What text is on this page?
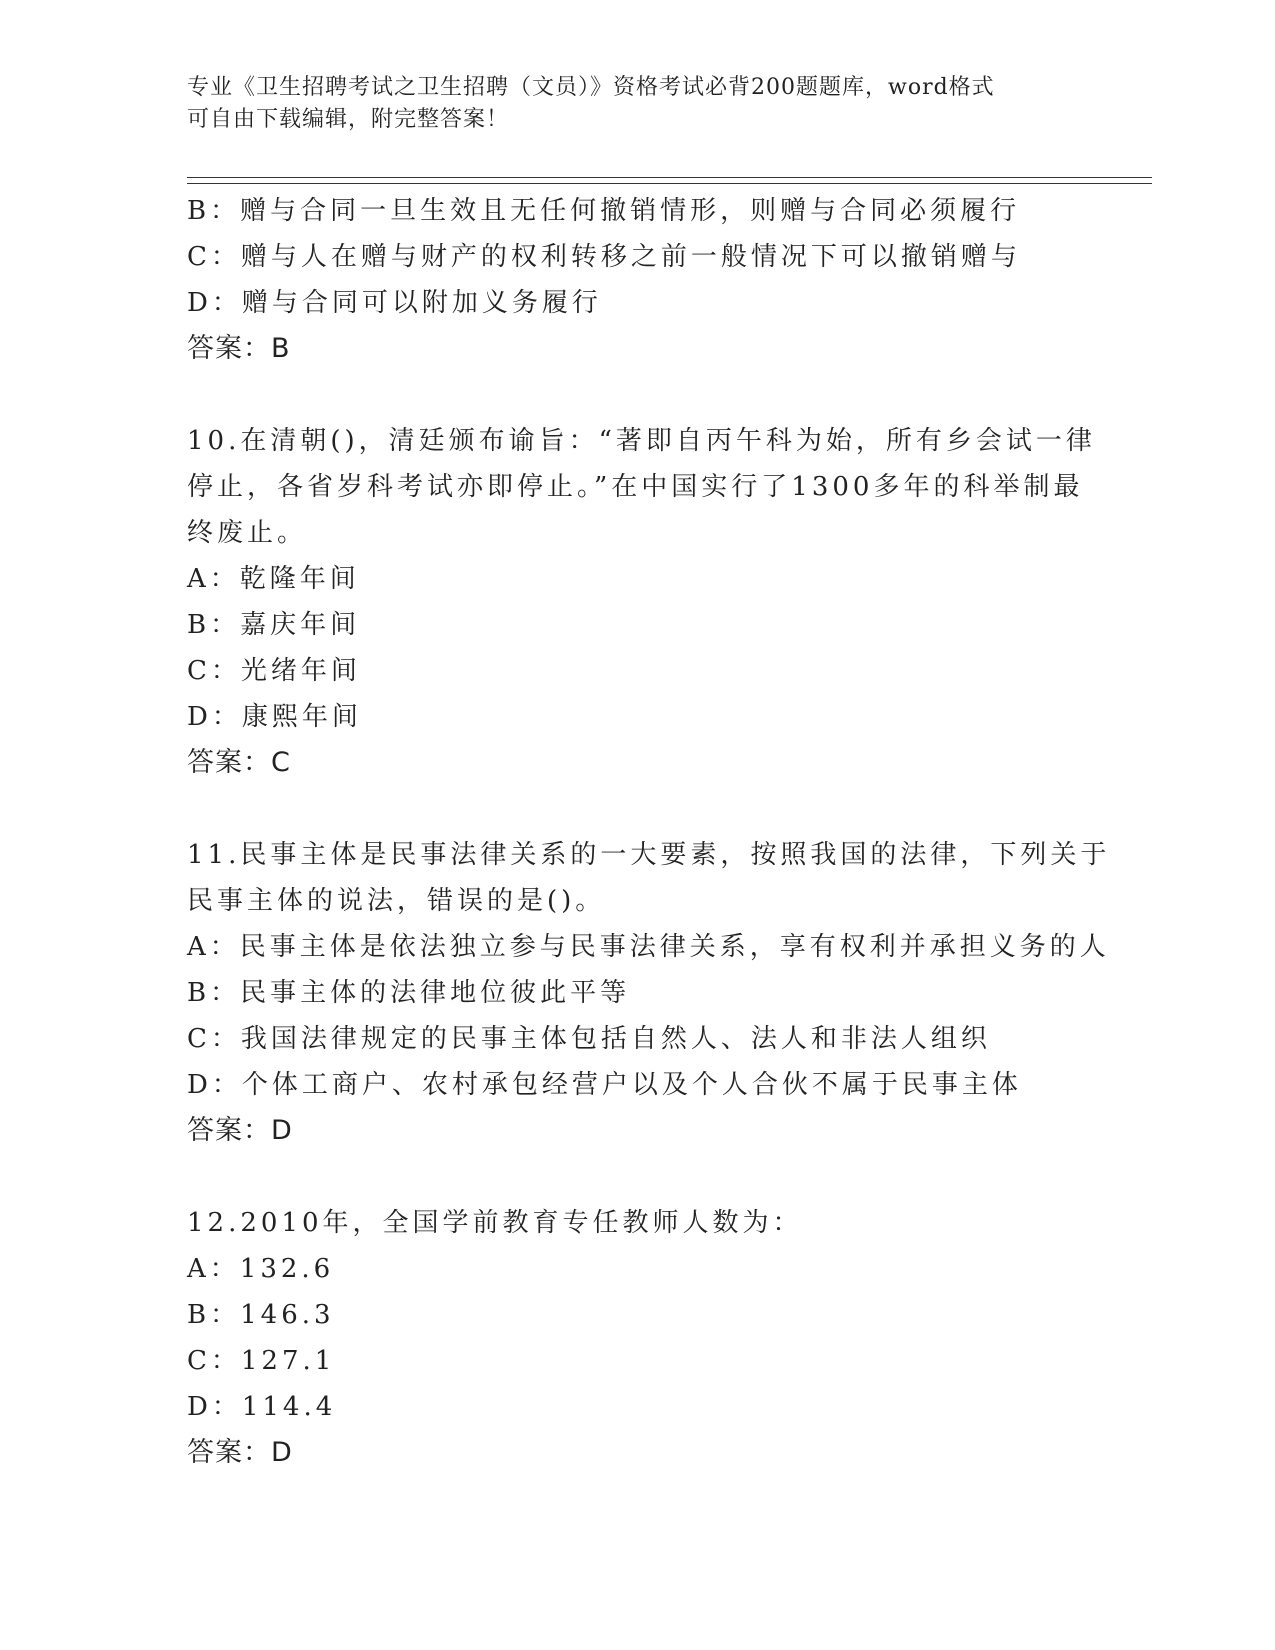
专业《卫生招聘考试之卫生招聘（文员）》资格考试必背200题题库，word格式
可自由下载编辑，附完整答案！
B：赠与合同一旦生效且无任何撤销情形，则赠与合同必须履行
C：赠与人在赠与财产的权利转移之前一般情况下可以撤销赠与
D：赠与合同可以附加义务履行
答案：B
10.在清朝()，清廷颁布谕旨：“著即自丙午科为始，所有乡会试一律
停止，各省岁科考试亦即停止。”在中国实行了1300多年的科举制最
终废止。
A：乾隆年间
B：嘉庆年间
C：光绪年间
D：康熙年间
答案：C
11.民事主体是民事法律关系的一大要素，按照我国的法律，下列关于
民事主体的说法，错误的是()。
A：民事主体是依法独立参与民事法律关系，享有权利并承担义务的人
B：民事主体的法律地位彼此平等
C：我国法律规定的民事主体包括自然人、法人和非法人组织
D：个体工商户、农村承包经营户以及个人合伙不属于民事主体
答案：D
12.2010年，全国学前教育专任教师人数为：
A：132.6
B：146.3
C：127.1
D：114.4
答案：D
